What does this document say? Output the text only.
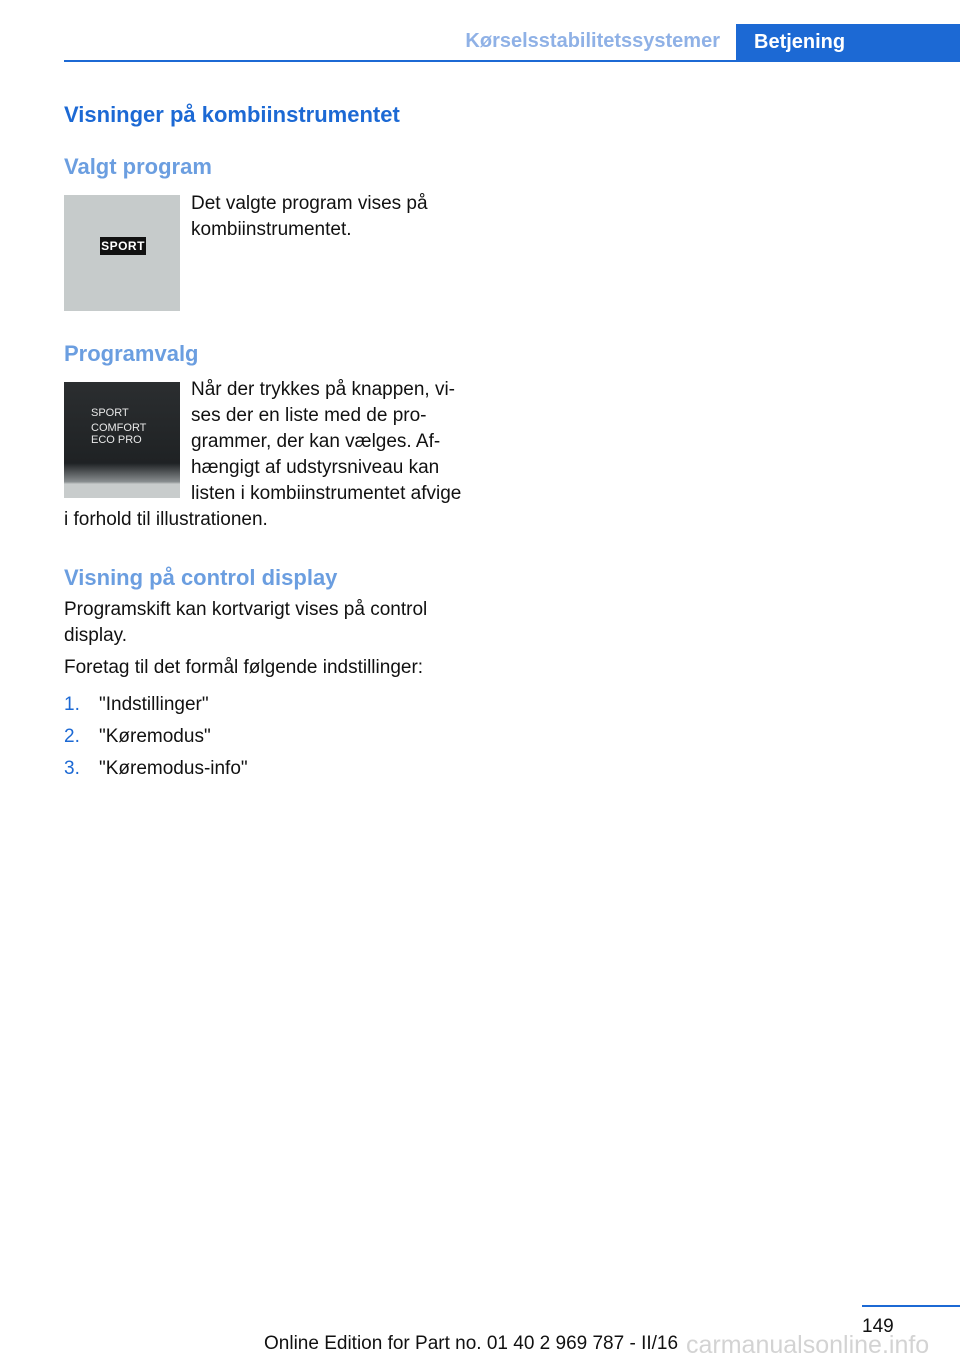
Kørselsstabilitetssystemer	Betjening
Visninger på kombiinstrumentet
Valgt program
SPORT
Det valgte program vises på
kombiinstrumentet.
Programvalg
SPORT
COMFORT
ECO PRO
Når der trykkes på knappen, vi-
ses der en liste med de pro-
grammer, der kan vælges. Af-
hængigt af udstyrsniveau kan
listen i kombiinstrumentet afvige
i forhold til illustrationen.
Visning på control display
Programskift kan kortvarigt vises på control
display.
Foretag til det formål følgende indstillinger:
1. "Indstillinger"
2. "Køremodus"
3. "Køremodus-info"
149
Online Edition for Part no. 01 40 2 969 787 - II/16 carmanualsonline.info
